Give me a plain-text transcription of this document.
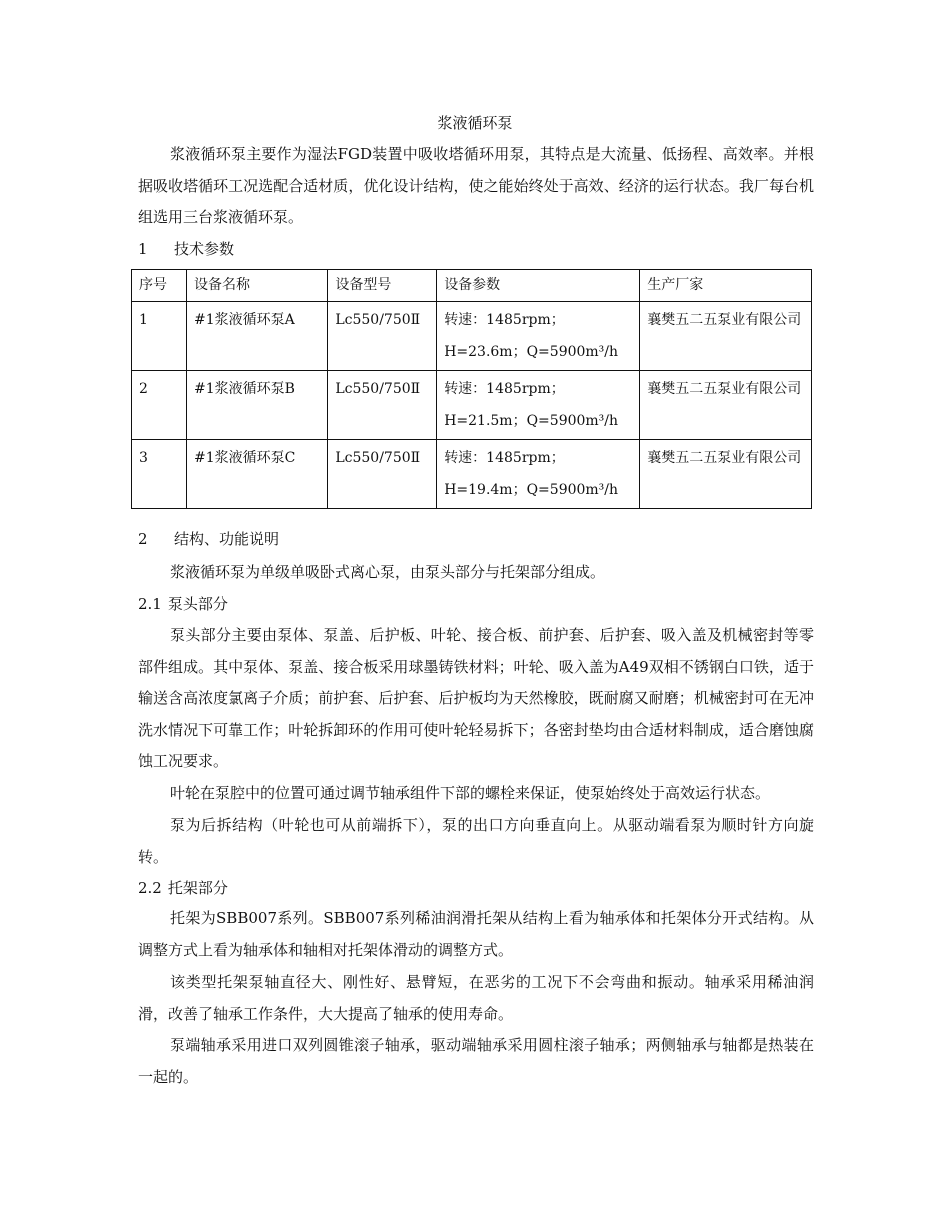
浆液循环泵

浆液循环泵主要作为湿法FGD装置中吸收塔循环用泵，其特点是大流量、低扬程、高效率。并根据吸收塔循环工况选配合适材质，优化设计结构，使之能始终处于高效、经济的运行状态。我厂每台机组选用三台浆液循环泵。

1 技术参数
序号	设备名称	设备型号	设备参数	生产厂家
1	#1浆液循环泵A	Lc550/750Ⅱ	转速：1485rpm；H=23.6m；Q=5900m³/h	襄樊五二五泵业有限公司
2	#1浆液循环泵B	Lc550/750Ⅱ	转速：1485rpm；H=21.5m；Q=5900m³/h	襄樊五二五泵业有限公司
3	#1浆液循环泵C	Lc550/750Ⅱ	转速：1485rpm；H=19.4m；Q=5900m³/h	襄樊五二五泵业有限公司
2 结构、功能说明

浆液循环泵为单级单吸卧式离心泵，由泵头部分与托架部分组成。

2.1 泵头部分

泵头部分主要由泵体、泵盖、后护板、叶轮、接合板、前护套、后护套、吸入盖及机械密封等零部件组成。其中泵体、泵盖、接合板采用球墨铸铁材料；叶轮、吸入盖为A49双相不锈钢白口铁，适于输送含高浓度氯离子介质；前护套、后护套、后护板均为天然橡胶，既耐腐又耐磨；机械密封可在无冲洗水情况下可靠工作；叶轮拆卸环的作用可使叶轮轻易拆下；各密封垫均由合适材料制成，适合磨蚀腐蚀工况要求。

叶轮在泵腔中的位置可通过调节轴承组件下部的螺栓来保证，使泵始终处于高效运行状态。

泵为后拆结构（叶轮也可从前端拆下），泵的出口方向垂直向上。从驱动端看泵为顺时针方向旋转。

2.2 托架部分

托架为SBB007系列。SBB007系列稀油润滑托架从结构上看为轴承体和托架体分开式结构。从调整方式上看为轴承体和轴相对托架体滑动的调整方式。

该类型托架泵轴直径大、刚性好、悬臂短，在恶劣的工况下不会弯曲和振动。轴承采用稀油润滑，改善了轴承工作条件，大大提高了轴承的使用寿命。

泵端轴承采用进口双列圆锥滚子轴承，驱动端轴承采用圆柱滚子轴承；两侧轴承与轴都是热装在一起的。
